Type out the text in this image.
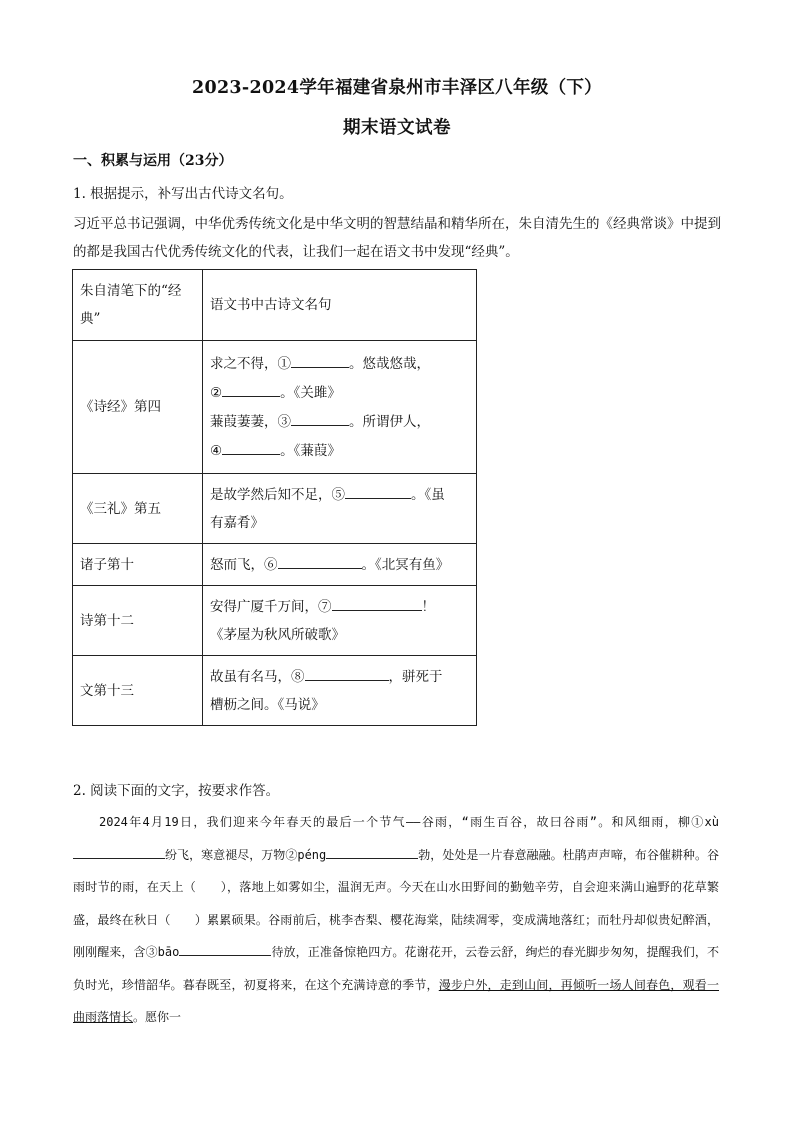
2023-2024学年福建省泉州市丰泽区八年级（下）
期末语文试卷
一、积累与运用（23分）
1. 根据提示，补写出古代诗文名句。
习近平总书记强调，中华优秀传统文化是中华文明的智慧结晶和精华所在，朱自清先生的《经典常谈》中提到的都是我国古代优秀传统文化的代表，让我们一起在语文书中发现“经典”。
朱自清笔下的“经典”	语文书中古诗文名句
《诗经》第四	求之不得，① 。悠哉悠哉，
② 。《关雎》
蒹葭萋萋，③ 。所谓伊人，
④ 。《蒹葭》

《三礼》第五	是故学然后知不足，⑤ 。《虽
有嘉肴》

诸子第十	怒而飞，⑥ 。《北冥有鱼》

诗第十二	安得广厦千万间，⑦ ！
《茅屋为秋风所破歌》

文第十三	故虽有名马，⑧ ，骈死于
槽枥之间。《马说》
2. 阅读下面的文字，按要求作答。
2024年4月19日，我们迎来今年春天的最后一个节气——谷雨，“雨生百谷，故曰谷雨”。和风细雨，柳①xù纷飞，寒意褪尽，万物②péng	勃，处处是一片春意融融。杜鹃声声啼，布谷催耕种。谷雨时节的雨，在天上（　　），落地上如雾如尘，温润无声。今天在山水田野间的勤勉辛劳，自会迎来满山遍野的花草繁盛，最终在秋日（　　）累累硕果。谷雨前后，桃李杏梨、樱花海棠，陆续凋零，变成满地落红；而牡丹却似贵妃醉酒，刚刚醒来，含③bāo	待放，正准备惊艳四方。花谢花开，云卷云舒，绚烂的春光脚步匆匆，提醒我们，不负时光，珍惜韶华。暮春既至，初夏将来，在这个充满诗意的季节，漫步户外，走到山间，再倾听一场人间春色，观看一曲雨落情长。愿你一
